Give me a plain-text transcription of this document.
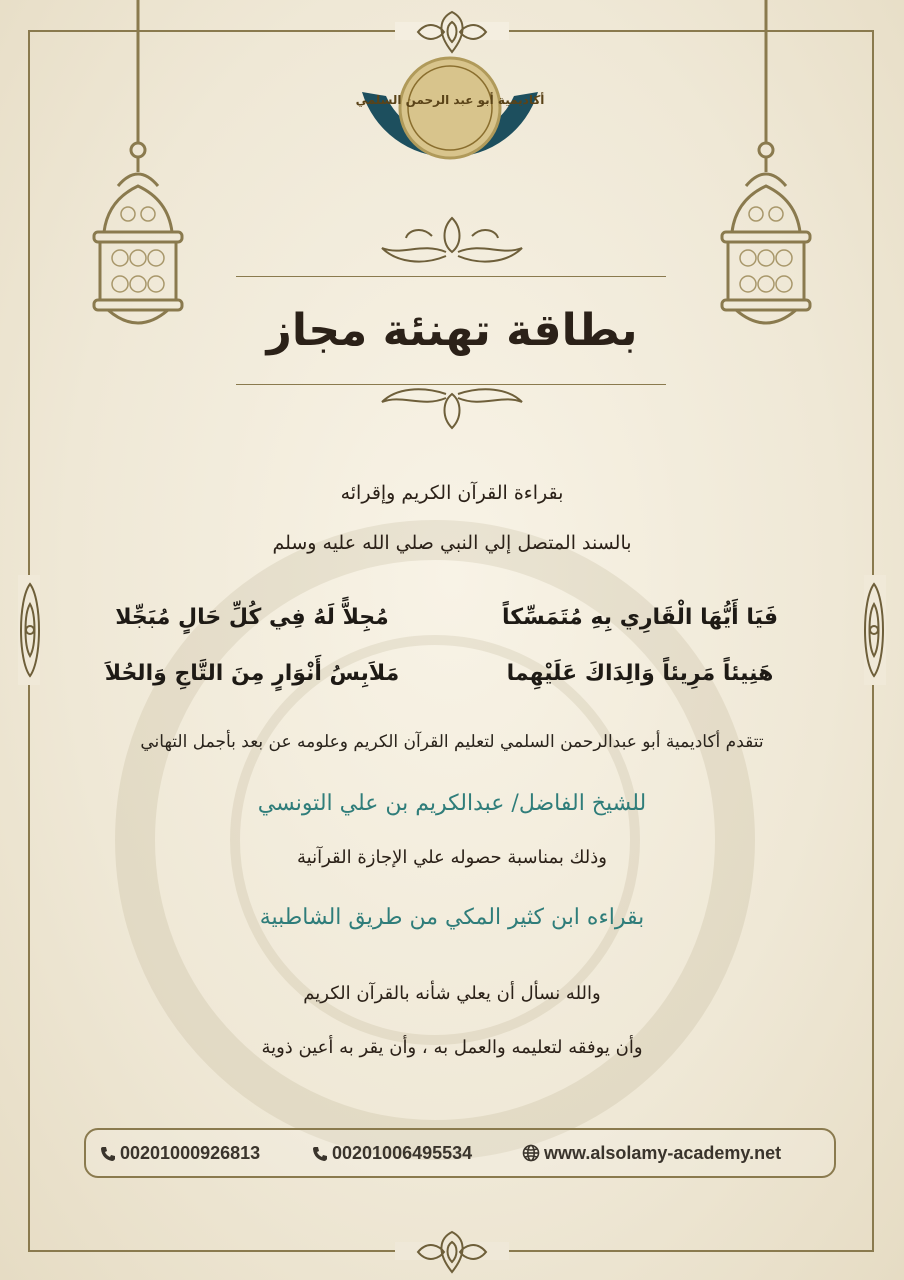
أكاديمية أبو عبد الرحمن السلمي
بطاقة تهنئة مجاز
بقراءة القرآن الكريم وإقرائه
بالسند المتصل إلي النبي صلي الله عليه وسلم
فَيَا أَيُّهَا الْقَارِي بِهِ مُتَمَسِّكاً
مُجِلاًّ لَهُ فِي كُلِّ حَالٍ مُبَجِّلا
هَنِيئاً مَرِيئاً وَالِدَاكَ عَلَيْهِما
مَلاَبِسُ أَنْوَارٍ مِنَ التَّاجِ وَالحُلاَ
تتقدم أكاديمية أبو عبدالرحمن السلمي لتعليم القرآن الكريم وعلومه عن بعد بأجمل التهاني
للشيخ الفاضل/ عبدالكريم بن علي التونسي
وذلك بمناسبة حصوله علي الإجازة القرآنية
بقراءه ابن كثير المكي من طريق الشاطبية
والله نسأل أن يعلي شأنه بالقرآن الكريم
وأن يوفقه لتعليمه والعمل به ، وأن يقر به أعين ذوية
00201000926813	00201006495534	www.alsolamy-academy.net
